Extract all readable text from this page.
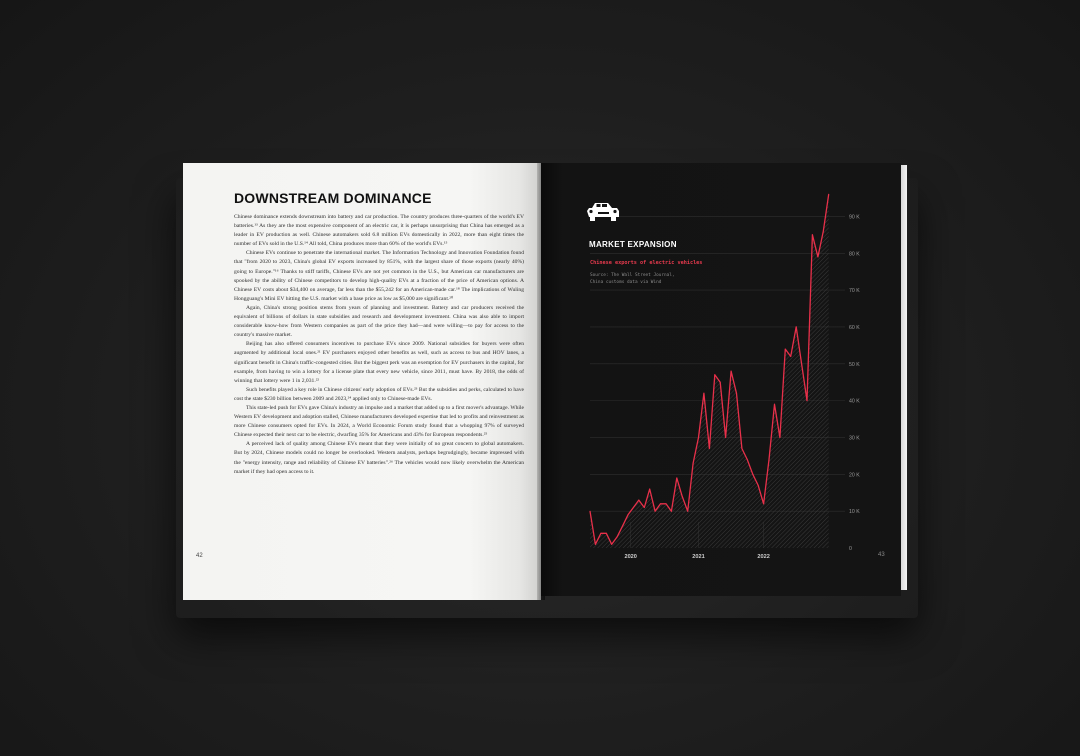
DOWNSTREAM DOMINANCE

Chinese dominance extends downstream into battery and car production. The country produces three-quarters of the world's EV batteries.¹³ As they are the most expensive component of an electric car, it is perhaps unsurprising that China has emerged as a leader in EV production as well. Chinese automakers sold 6.8 million EVs domestically in 2022, more than eight times the number of EVs sold in the U.S.¹⁴ All told, China produces more than 60% of the world's EVs.¹⁵

Chinese EVs continue to penetrate the international market. The Information Technology and Innovation Foundation found that "from 2020 to 2023, China's global EV exports increased by 851%, with the largest share of those exports (nearly 40%) going to Europe."¹⁶ Thanks to stiff tariffs, Chinese EVs are not yet common in the U.S., but American car manufacturers are spooked by the ability of Chinese competitors to develop high-quality EVs at a fraction of the price of American options. A Chinese EV costs about $34,400 on average, far less than the $55,242 for an American-made car.¹⁸ The implications of Wuling Hongguang's Mini EV hitting the U.S. market with a base price as low as $5,000 are significant.²⁰

Again, China's strong position stems from years of planning and investment. Battery and car producers received the equivalent of billions of dollars in state subsidies and research and development investment. China was also able to import considerable know-how from Western companies as part of the price they had—and were willing—to pay for access to the country's massive market.

Beijing has also offered consumers incentives to purchase EVs since 2009. National subsidies for buyers were often augmented by additional local ones.²¹ EV purchasers enjoyed other benefits as well, such as access to bus and HOV lanes, a significant benefit in China's traffic-congested cities. But the biggest perk was an exemption for EV purchasers in the capital, for example, from having to win a lottery for a license plate that every new vehicle, since 2011, must have. By 2018, the odds of winning that lottery were 1 in 2,031.²²

Such benefits played a key role in Chinese citizens' early adoption of EVs.²³ But the subsidies and perks, calculated to have cost the state $230 billion between 2009 and 2023,²⁴ applied only to Chinese-made EVs.

This state-led push for EVs gave China's industry an impulse and a market that added up to a first mover's advantage. While Western EV development and adoption stalled, Chinese manufacturers developed expertise that led to profits and reinvestment as more Chinese consumers opted for EVs. In 2024, a World Economic Forum study found that a whopping 97% of surveyed Chinese expected their next car to be electric, dwarfing 35% for Americans and 43% for European respondents.²⁵

A perceived lack of quality among Chinese EVs meant that they were initially of no great concern to global automakers. But by 2024, Chinese models could no longer be overlooked. Western analysts, perhaps begrudgingly, became impressed with the "energy intensity, range and reliability of Chinese EV batteries".²⁶ The vehicles would now likely overwhelm the American market if they had open access to it.

42
0
10 K
20 K
30 K
40 K
50 K
60 K
70 K
80 K
90 K
2020	2021	2022
MARKET EXPANSION
Chinese exports of electric vehicles
Source: The Wall Street Journal,
China customs data via Wind
43
